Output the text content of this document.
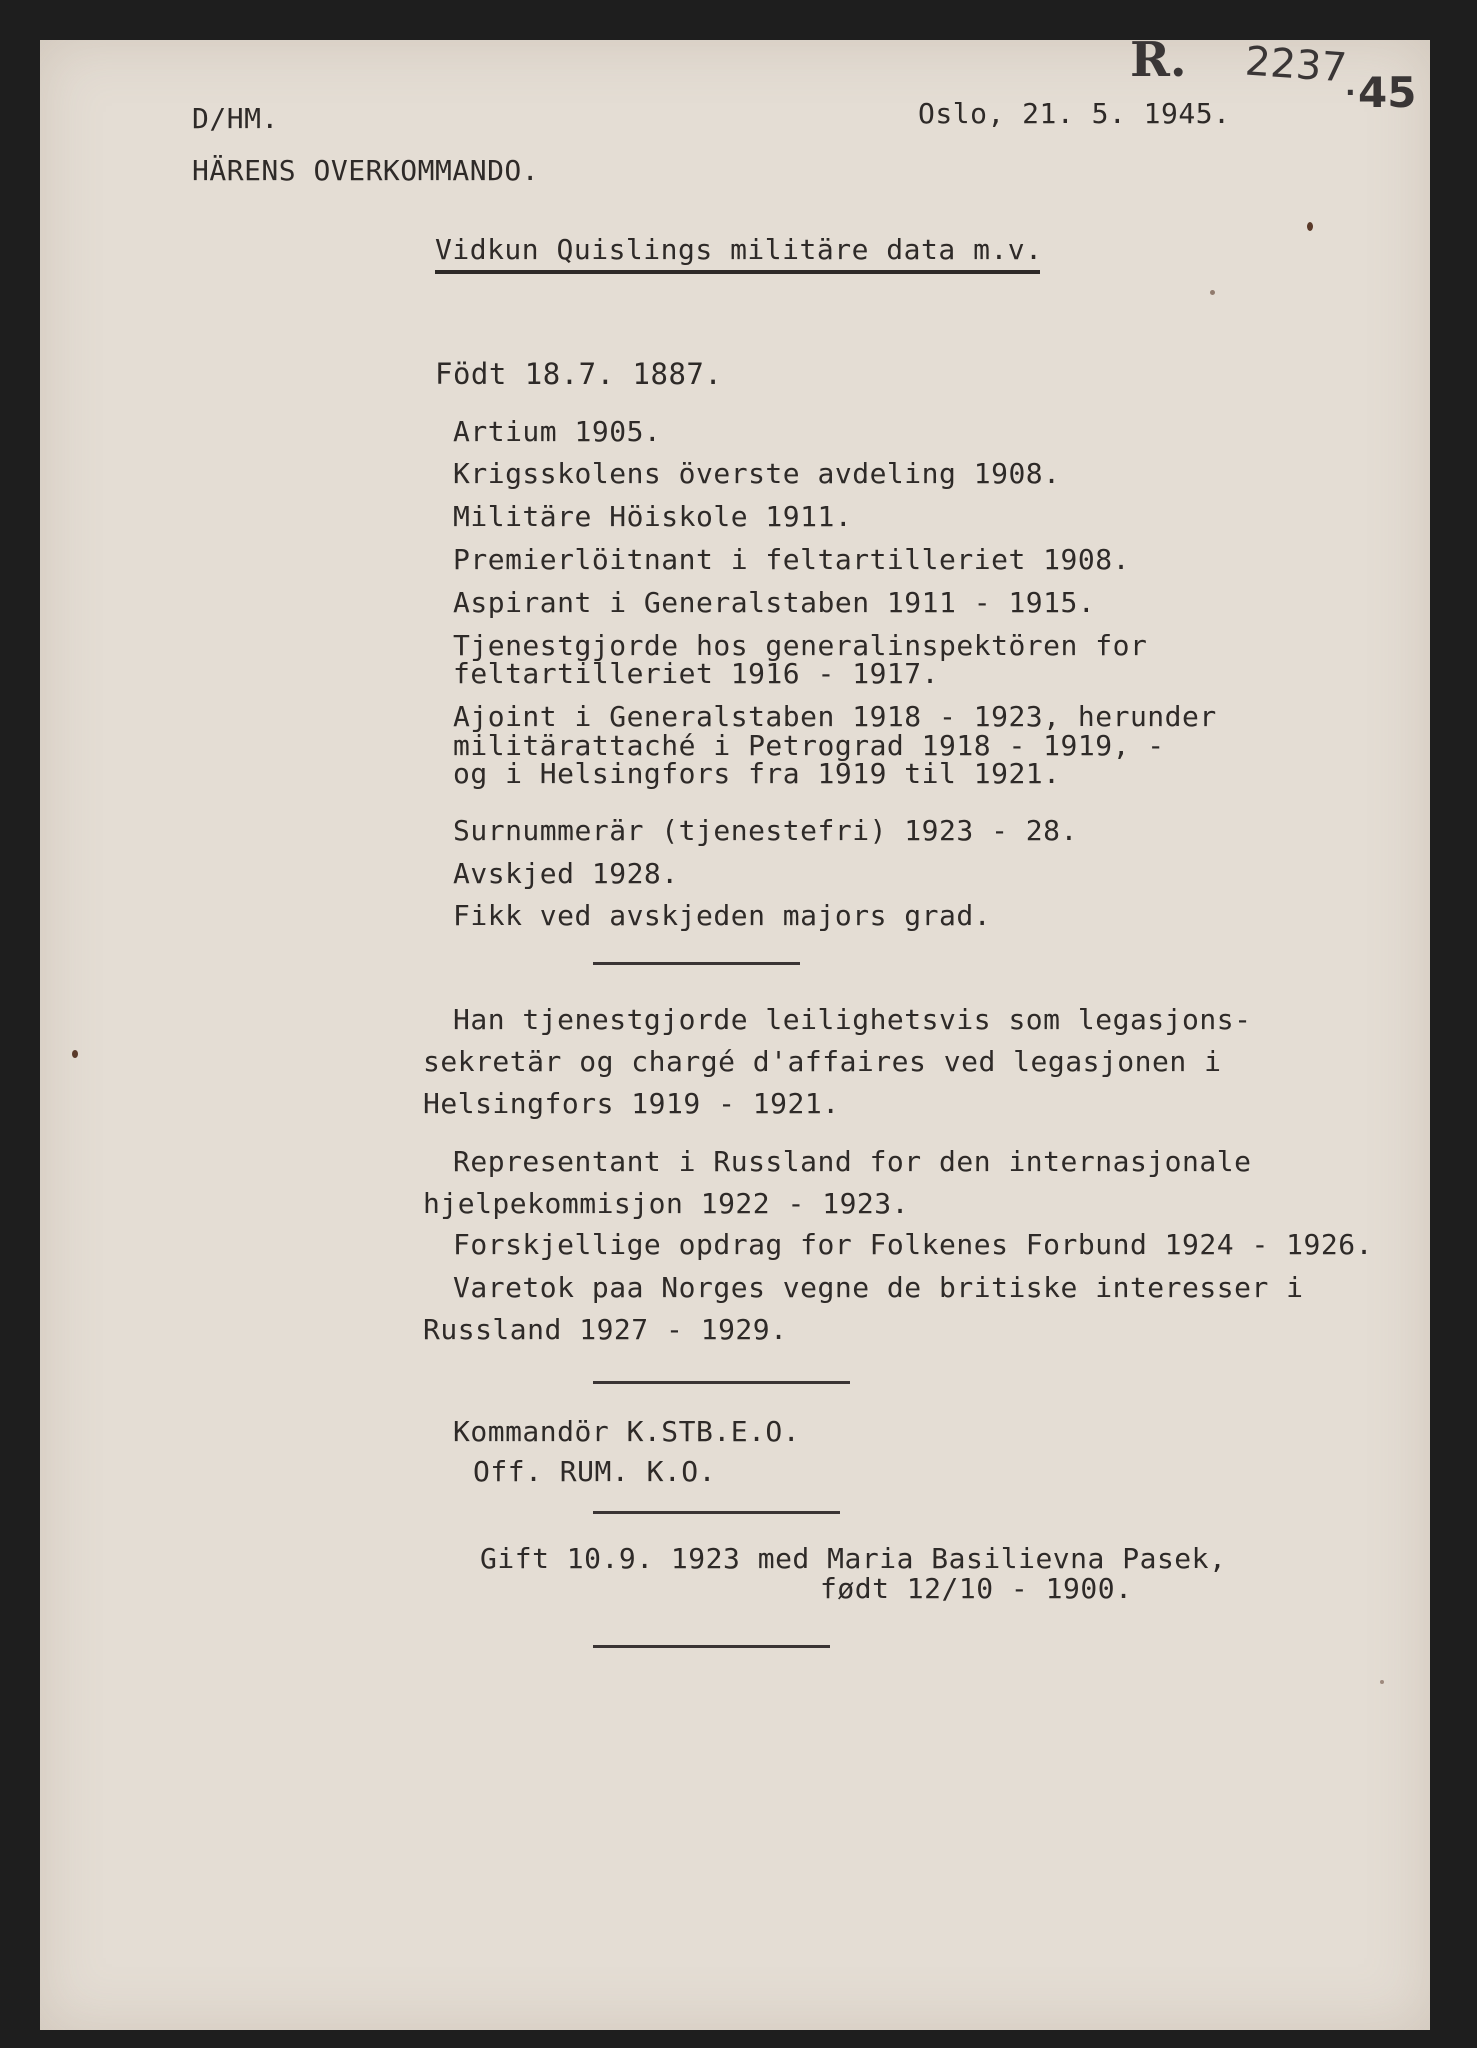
R. 2237
45
·
D/HM.	Oslo, 21. 5. 1945.
HÄRENS OVERKOMMANDO.
Vidkun Quislings militäre data m.v.
Födt 18.7. 1887.
Artium 1905.
Krigsskolens överste avdeling 1908.
Militäre Höiskole 1911.
Premierlöitnant i feltartilleriet 1908.
Aspirant i Generalstaben 1911 - 1915.
Tjenestgjorde hos generalinspektören for
feltartilleriet 1916 - 1917.
Ajoint i Generalstaben 1918 - 1923, herunder
militärattaché i Petrograd 1918 - 1919, -
og i Helsingfors fra 1919 til 1921.
Surnummerär (tjenestefri) 1923 - 28.
Avskjed 1928.
Fikk ved avskjeden majors grad.
Han tjenestgjorde leilighetsvis som legasjons-
sekretär og chargé d'affaires ved legasjonen i
Helsingfors 1919 - 1921.
Representant i Russland for den internasjonale
hjelpekommisjon 1922 - 1923.
Forskjellige opdrag for Folkenes Forbund 1924 - 1926.
Varetok paa Norges vegne de britiske interesser i
Russland 1927 - 1929.
Kommandör K.STB.E.O.
Off. RUM. K.O.
Gift 10.9. 1923 med Maria Basilievna Pasek,
født 12/10 - 1900.
